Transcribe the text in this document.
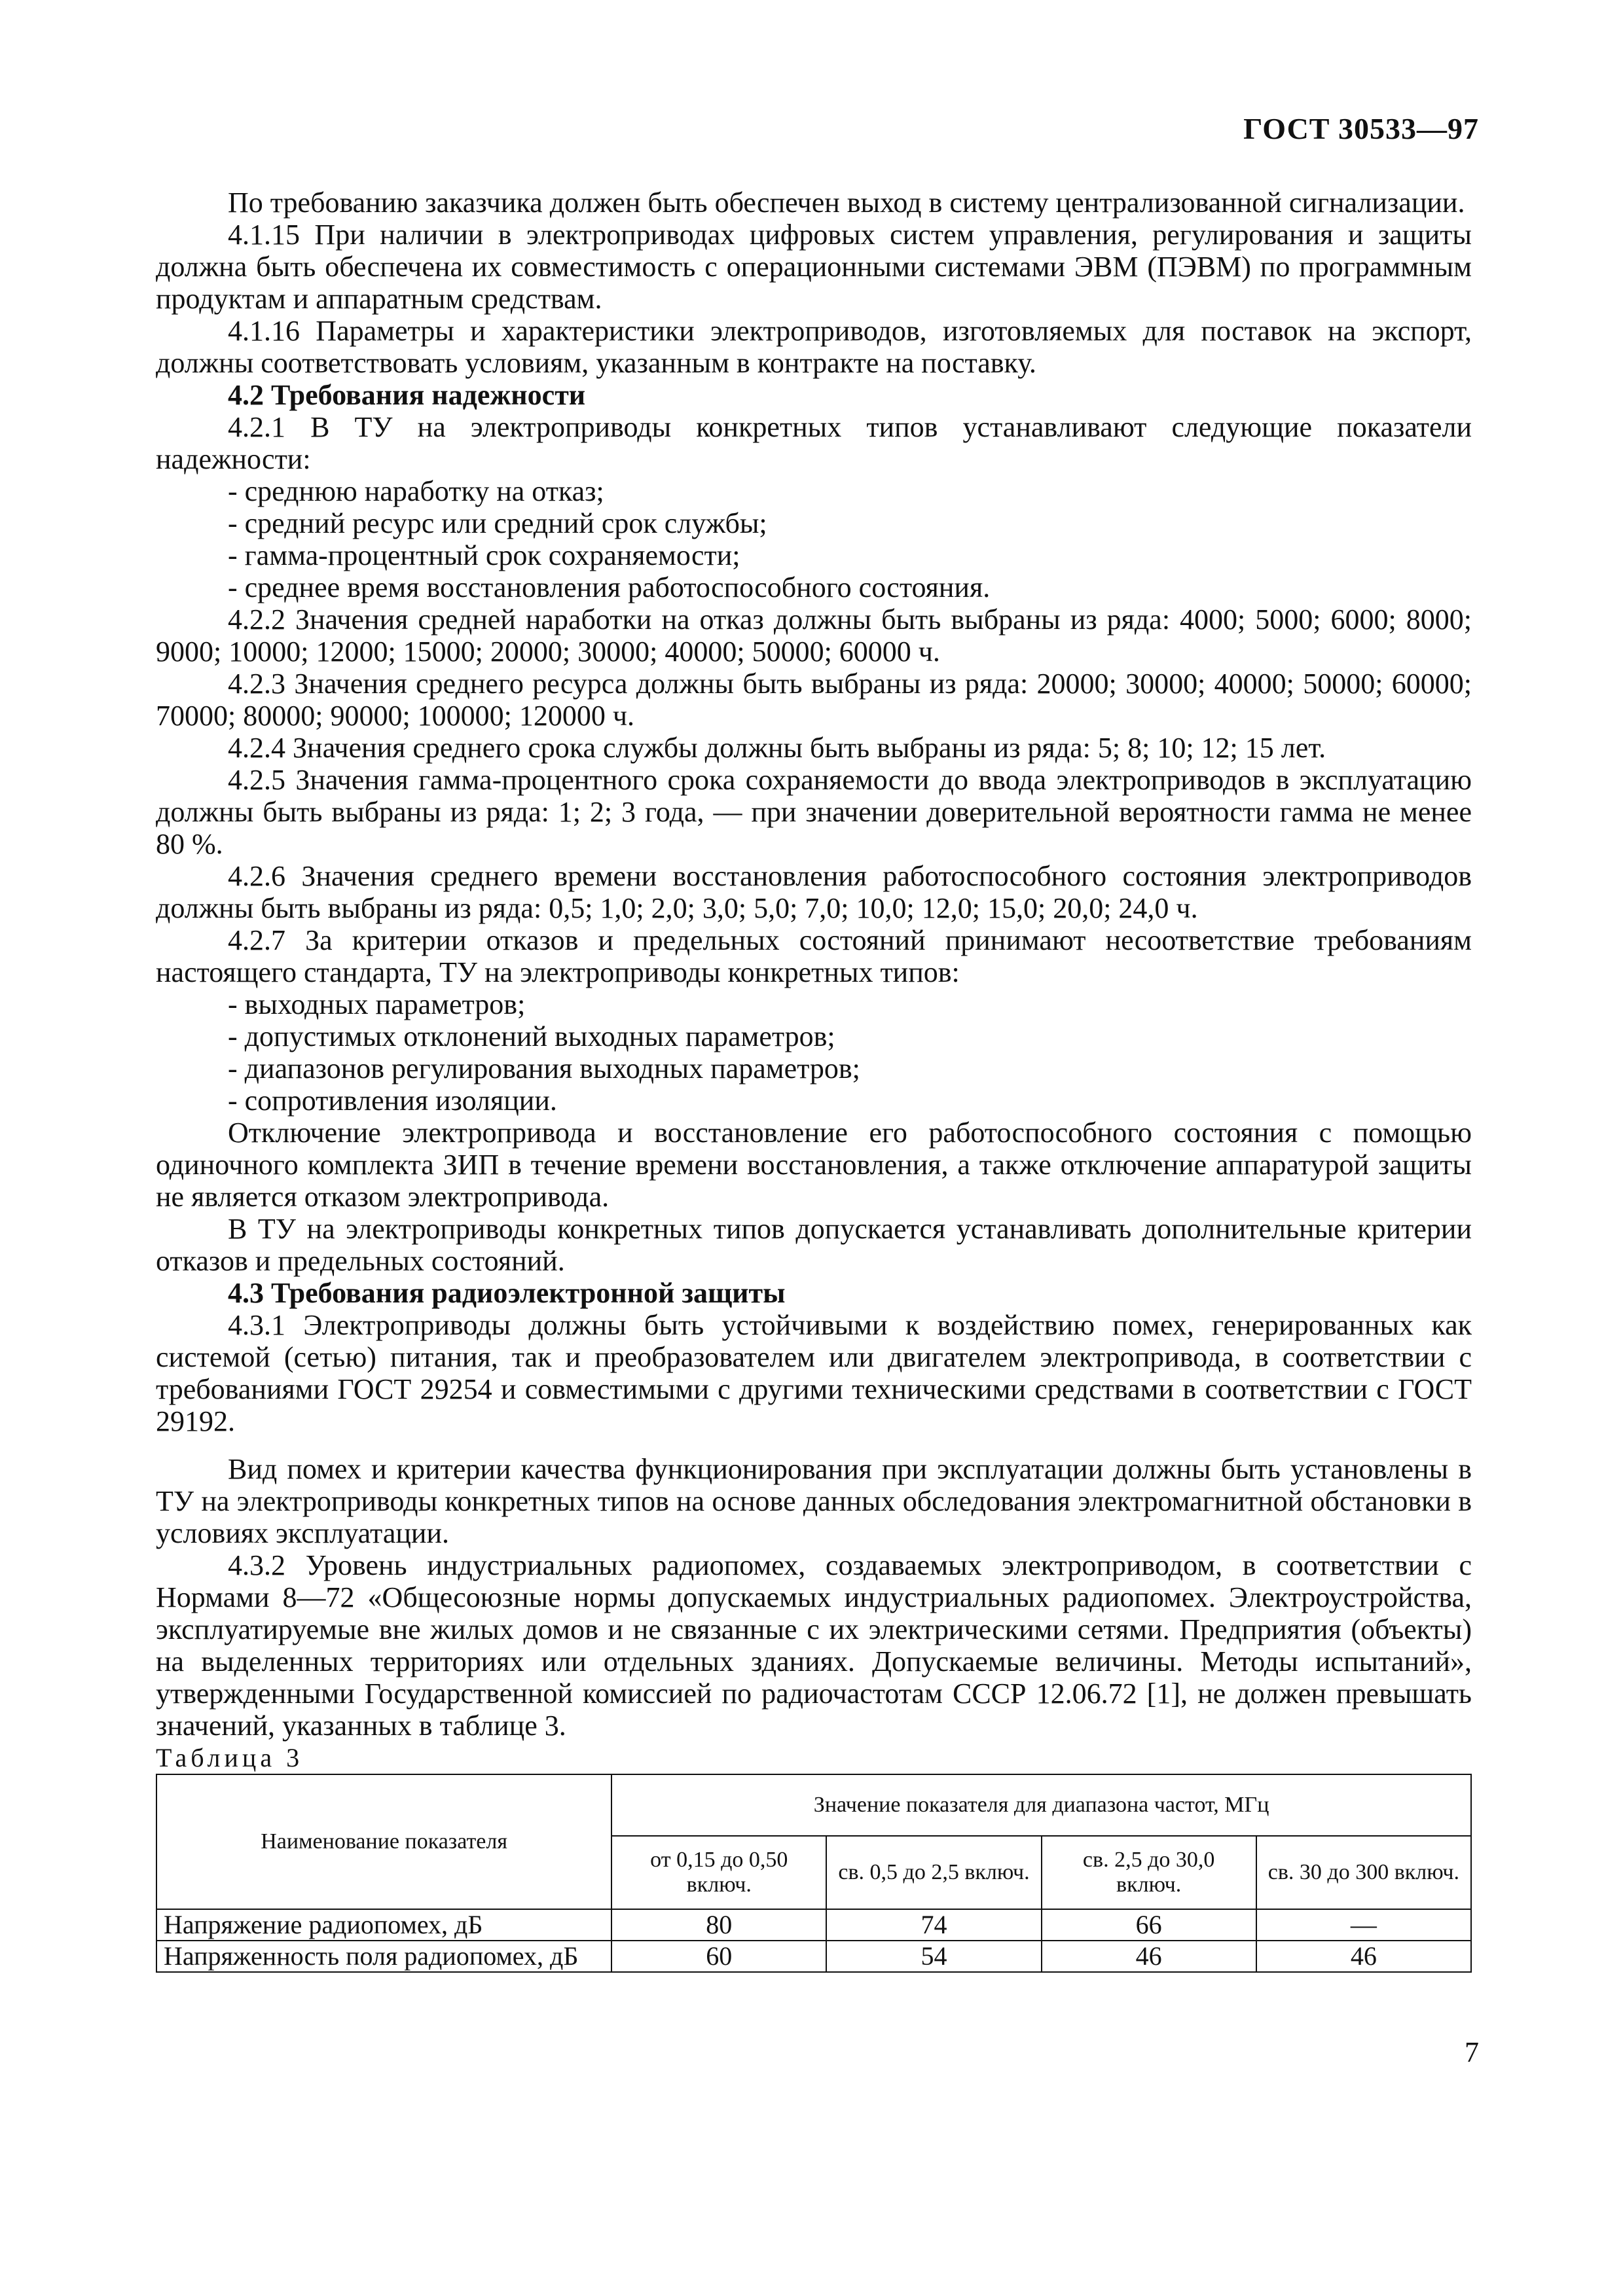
ГОСТ 30533—97

По требованию заказчика должен быть обеспечен выход в систему централизованной сигнализации.

4.1.15 При наличии в электроприводах цифровых систем управления, регулирования и защиты должна быть обеспечена их совместимость с операционными системами ЭВМ (ПЭВМ) по программным продуктам и аппаратным средствам.

4.1.16 Параметры и характеристики электроприводов, изготовляемых для поставок на экспорт, должны соответствовать условиям, указанным в контракте на поставку.

4.2 Требования надежности

4.2.1 В ТУ на электроприводы конкретных типов устанавливают следующие показатели надежности:

- среднюю наработку на отказ;

- средний ресурс или средний срок службы;

- гамма-процентный срок сохраняемости;

- среднее время восстановления работоспособного состояния.

4.2.2 Значения средней наработки на отказ должны быть выбраны из ряда: 4000; 5000; 6000; 8000; 9000; 10000; 12000; 15000; 20000; 30000; 40000; 50000; 60000 ч.

4.2.3 Значения среднего ресурса должны быть выбраны из ряда: 20000; 30000; 40000; 50000; 60000; 70000; 80000; 90000; 100000; 120000 ч.

4.2.4 Значения среднего срока службы должны быть выбраны из ряда: 5; 8; 10; 12; 15 лет.

4.2.5 Значения гамма-процентного срока сохраняемости до ввода электроприводов в эксплуатацию должны быть выбраны из ряда: 1; 2; 3 года, — при значении доверительной вероятности гамма не менее 80 %.

4.2.6 Значения среднего времени восстановления работоспособного состояния электроприводов должны быть выбраны из ряда: 0,5; 1,0; 2,0; 3,0; 5,0; 7,0; 10,0; 12,0; 15,0; 20,0; 24,0 ч.

4.2.7 За критерии отказов и предельных состояний принимают несоответствие требованиям настоящего стандарта, ТУ на электроприводы конкретных типов:

- выходных параметров;

- допустимых отклонений выходных параметров;

- диапазонов регулирования выходных параметров;

- сопротивления изоляции.

Отключение электропривода и восстановление его работоспособного состояния с помощью одиночного комплекта ЗИП в течение времени восстановления, а также отключение аппаратурой защиты не является отказом электропривода.

В ТУ на электроприводы конкретных типов допускается устанавливать дополнительные критерии отказов и предельных состояний.

4.3 Требования радиоэлектронной защиты

4.3.1 Электроприводы должны быть устойчивыми к воздействию помех, генерированных как системой (сетью) питания, так и преобразователем или двигателем электропривода, в соответствии с требованиями ГОСТ 29254 и совместимыми с другими техническими средствами в соответствии с ГОСТ 29192.

Вид помех и критерии качества функционирования при эксплуатации должны быть установлены в ТУ на электроприводы конкретных типов на основе данных обследования электромагнитной обстановки в условиях эксплуатации.

4.3.2 Уровень индустриальных радиопомех, создаваемых электроприводом, в соответствии с Нормами 8—72 «Общесоюзные нормы допускаемых индустриальных радиопомех. Электроустройства, эксплуатируемые вне жилых домов и не связанные с их электрическими сетями. Предприятия (объекты) на выделенных территориях или отдельных зданиях. Допускаемые величины. Методы испытаний», утвержденными Государственной комиссией по радиочастотам СССР 12.06.72 [1], не должен превышать значений, указанных в таблице 3.

Таблица 3

Наименование показателя	Значение показателя для диапазона частот, МГц			
	от 0,15 до 0,50 включ.	св. 0,5 до 2,5 включ.	св. 2,5 до 30,0 включ.	св. 30 до 300 включ.
Напряжение радиопомех, дБ	80	74	66	—
Напряженность поля радиопомех, дБ	60	54	46	46
7
